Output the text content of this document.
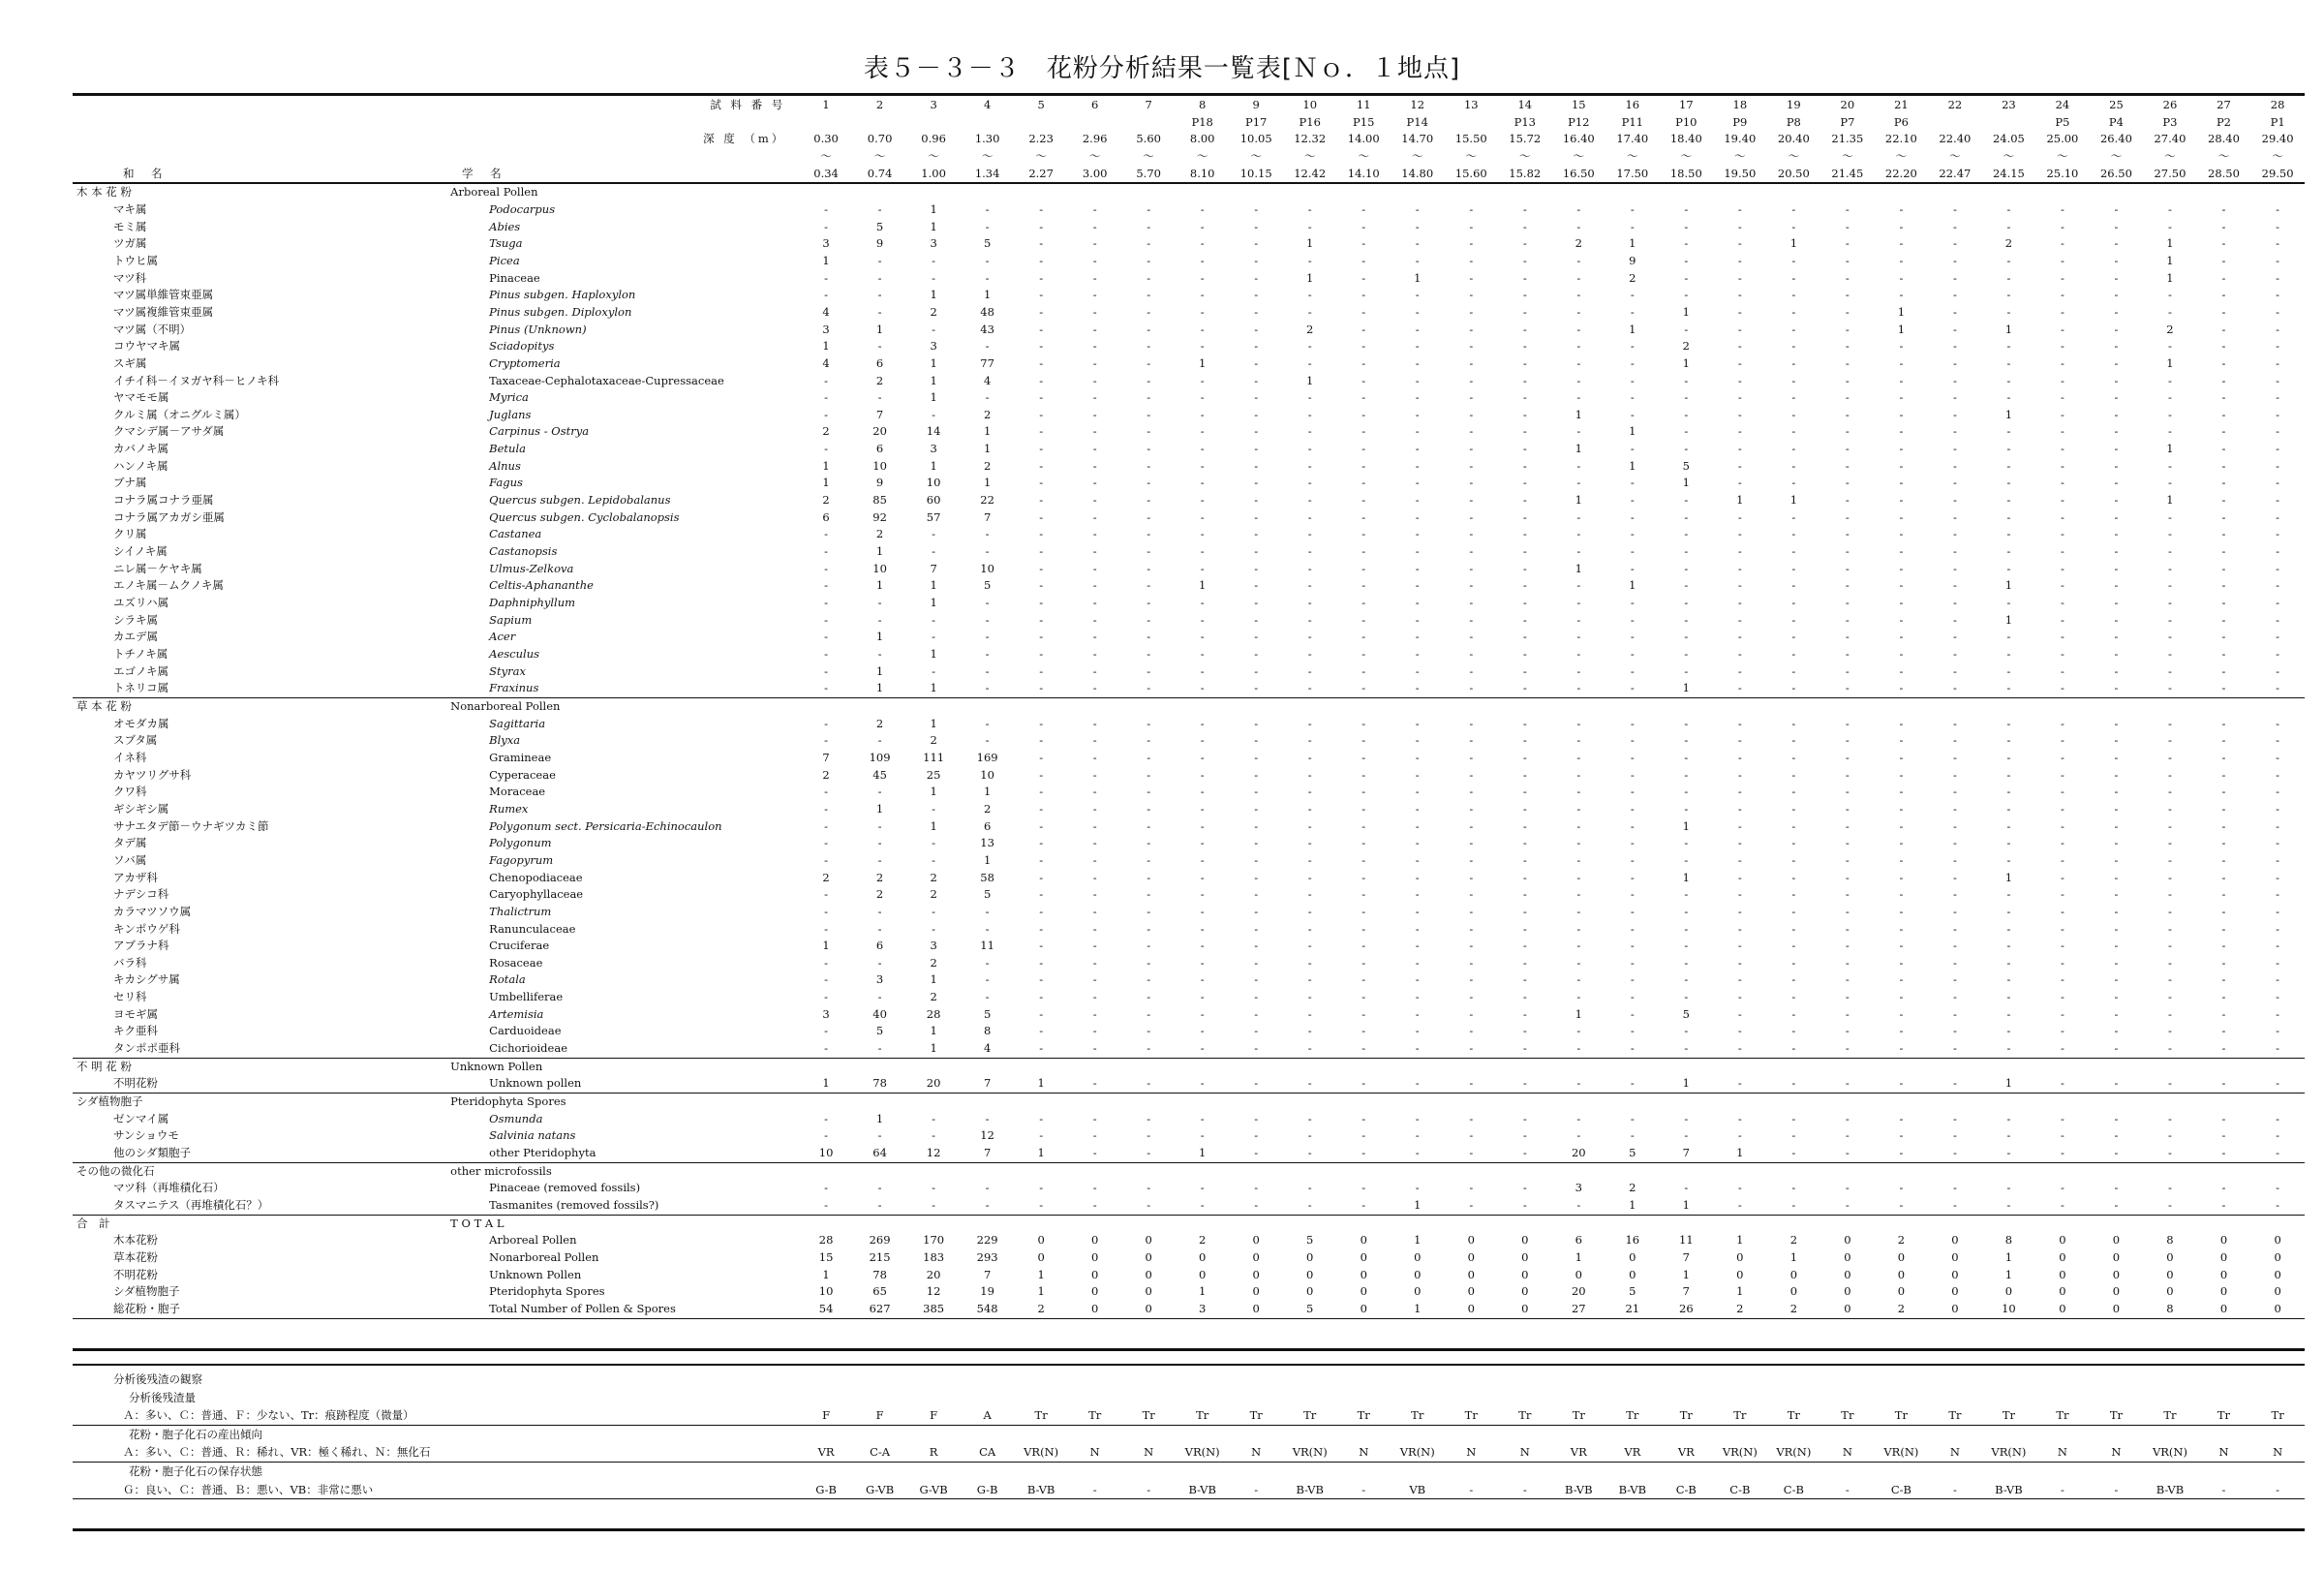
表５－３－３　花粉分析結果一覧表[Ｎｏ．１地点]
	試 料 番 号	1	2	3	4	5	6	7	8	9	10	11	12	13	14	15	16	17	18	19	20	21	22	23	24	25	26	27	28
									P18	P17	P16	P15	P14		P13	P12	P11	P10	P9	P8	P7	P6			P5	P4	P3	P2	P1
	深 度 （m）	0.30	0.70	0.96	1.30	2.23	2.96	5.60	8.00	10.05	12.32	14.00	14.70	15.50	15.72	16.40	17.40	18.40	19.40	20.40	21.35	22.10	22.40	24.05	25.00	26.40	27.40	28.40	29.40
		～	～	～	～	～	～	～	～	～	～	～	～	～	～	～	～	～	～	～	～	～	～	～	～	～	～	～	～
和　名	学　名	0.34	0.74	1.00	1.34	2.27	3.00	5.70	8.10	10.15	12.42	14.10	14.80	15.60	15.82	16.50	17.50	18.50	19.50	20.50	21.45	22.20	22.47	24.15	25.10	26.50	27.50	28.50	29.50
木 本 花 粉	Arboreal Pollen																												
マキ属	Podocarpus	-	-	1	-	-	-	-	-	-	-	-	-	-	-	-	-	-	-	-	-	-	-	-	-	-	-	-	-
モミ属	Abies	-	5	1	-	-	-	-	-	-	-	-	-	-	-	-	-	-	-	-	-	-	-	-	-	-	-	-	-
ツガ属	Tsuga	3	9	3	5	-	-	-	-	-	1	-	-	-	-	2	1	-	-	1	-	-	-	2	-	-	1	-	-
トウヒ属	Picea	1	-	-	-	-	-	-	-	-	-	-	-	-	-	-	9	-	-	-	-	-	-	-	-	-	1	-	-
マツ科	Pinaceae	-	-	-	-	-	-	-	-	-	1	-	1	-	-	-	2	-	-	-	-	-	-	-	-	-	1	-	-
マツ属単維管束亜属	Pinus subgen. Haploxylon	-	-	1	1	-	-	-	-	-	-	-	-	-	-	-	-	-	-	-	-	-	-	-	-	-	-	-	-
マツ属複維管束亜属	Pinus subgen. Diploxylon	4	-	2	48	-	-	-	-	-	-	-	-	-	-	-	-	1	-	-	-	1	-	-	-	-	-	-	-
マツ属（不明）	Pinus (Unknown)	3	1	-	43	-	-	-	-	-	2	-	-	-	-	-	1	-	-	-	-	1	-	1	-	-	2	-	-
コウヤマキ属	Sciadopitys	1	-	3	-	-	-	-	-	-	-	-	-	-	-	-	-	2	-	-	-	-	-	-	-	-	-	-	-
スギ属	Cryptomeria	4	6	1	77	-	-	-	1	-	-	-	-	-	-	-	-	1	-	-	-	-	-	-	-	-	1	-	-
イチイ科－イヌガヤ科－ヒノキ科	Taxaceae-Cephalotaxaceae-Cupressaceae	-	2	1	4	-	-	-	-	-	1	-	-	-	-	-	-	-	-	-	-	-	-	-	-	-	-	-	-
ヤマモモ属	Myrica	-	-	1	-	-	-	-	-	-	-	-	-	-	-	-	-	-	-	-	-	-	-	-	-	-	-	-	-
クルミ属（オニグルミ属）	Juglans	-	7	-	2	-	-	-	-	-	-	-	-	-	-	1	-	-	-	-	-	-	-	1	-	-	-	-	-
クマシデ属－アサダ属	Carpinus - Ostrya	2	20	14	1	-	-	-	-	-	-	-	-	-	-	-	1	-	-	-	-	-	-	-	-	-	-	-	-
カバノキ属	Betula	-	6	3	1	-	-	-	-	-	-	-	-	-	-	1	-	-	-	-	-	-	-	-	-	-	1	-	-
ハンノキ属	Alnus	1	10	1	2	-	-	-	-	-	-	-	-	-	-	-	1	5	-	-	-	-	-	-	-	-	-	-	-
ブナ属	Fagus	1	9	10	1	-	-	-	-	-	-	-	-	-	-	-	-	1	-	-	-	-	-	-	-	-	-	-	-
コナラ属コナラ亜属	Quercus subgen. Lepidobalanus	2	85	60	22	-	-	-	-	-	-	-	-	-	-	1	-	-	1	1	-	-	-	-	-	-	1	-	-
コナラ属アカガシ亜属	Quercus subgen. Cyclobalanopsis	6	92	57	7	-	-	-	-	-	-	-	-	-	-	-	-	-	-	-	-	-	-	-	-	-	-	-	-
クリ属	Castanea	-	2	-	-	-	-	-	-	-	-	-	-	-	-	-	-	-	-	-	-	-	-	-	-	-	-	-	-
シイノキ属	Castanopsis	-	1	-	-	-	-	-	-	-	-	-	-	-	-	-	-	-	-	-	-	-	-	-	-	-	-	-	-
ニレ属－ケヤキ属	Ulmus-Zelkova	-	10	7	10	-	-	-	-	-	-	-	-	-	-	1	-	-	-	-	-	-	-	-	-	-	-	-	-
エノキ属－ムクノキ属	Celtis-Aphananthe	-	1	1	5	-	-	-	1	-	-	-	-	-	-	-	1	-	-	-	-	-	-	1	-	-	-	-	-
ユズリハ属	Daphniphyllum	-	-	1	-	-	-	-	-	-	-	-	-	-	-	-	-	-	-	-	-	-	-	-	-	-	-	-	-
シラキ属	Sapium	-	-	-	-	-	-	-	-	-	-	-	-	-	-	-	-	-	-	-	-	-	-	1	-	-	-	-	-
カエデ属	Acer	-	1	-	-	-	-	-	-	-	-	-	-	-	-	-	-	-	-	-	-	-	-	-	-	-	-	-	-
トチノキ属	Aesculus	-	-	1	-	-	-	-	-	-	-	-	-	-	-	-	-	-	-	-	-	-	-	-	-	-	-	-	-
エゴノキ属	Styrax	-	1	-	-	-	-	-	-	-	-	-	-	-	-	-	-	-	-	-	-	-	-	-	-	-	-	-	-
トネリコ属	Fraxinus	-	1	1	-	-	-	-	-	-	-	-	-	-	-	-	-	1	-	-	-	-	-	-	-	-	-	-	-
草 本 花 粉	Nonarboreal Pollen																												
オモダカ属	Sagittaria	-	2	1	-	-	-	-	-	-	-	-	-	-	-	-	-	-	-	-	-	-	-	-	-	-	-	-	-
スブタ属	Blyxa	-	-	2	-	-	-	-	-	-	-	-	-	-	-	-	-	-	-	-	-	-	-	-	-	-	-	-	-
イネ科	Gramineae	7	109	111	169	-	-	-	-	-	-	-	-	-	-	-	-	-	-	-	-	-	-	-	-	-	-	-	-
カヤツリグサ科	Cyperaceae	2	45	25	10	-	-	-	-	-	-	-	-	-	-	-	-	-	-	-	-	-	-	-	-	-	-	-	-
クワ科	Moraceae	-	-	1	1	-	-	-	-	-	-	-	-	-	-	-	-	-	-	-	-	-	-	-	-	-	-	-	-
ギシギシ属	Rumex	-	1	-	2	-	-	-	-	-	-	-	-	-	-	-	-	-	-	-	-	-	-	-	-	-	-	-	-
サナエタデ節－ウナギツカミ節	Polygonum sect. Persicaria-Echinocaulon	-	-	1	6	-	-	-	-	-	-	-	-	-	-	-	-	1	-	-	-	-	-	-	-	-	-	-	-
タデ属	Polygonum	-	-	-	13	-	-	-	-	-	-	-	-	-	-	-	-	-	-	-	-	-	-	-	-	-	-	-	-
ソバ属	Fagopyrum	-	-	-	1	-	-	-	-	-	-	-	-	-	-	-	-	-	-	-	-	-	-	-	-	-	-	-	-
アカザ科	Chenopodiaceae	2	2	2	58	-	-	-	-	-	-	-	-	-	-	-	-	1	-	-	-	-	-	1	-	-	-	-	-
ナデシコ科	Caryophyllaceae	-	2	2	5	-	-	-	-	-	-	-	-	-	-	-	-	-	-	-	-	-	-	-	-	-	-	-	-
カラマツソウ属	Thalictrum	-	-	-	-	-	-	-	-	-	-	-	-	-	-	-	-	-	-	-	-	-	-	-	-	-	-	-	-
キンポウゲ科	Ranunculaceae	-	-	-	-	-	-	-	-	-	-	-	-	-	-	-	-	-	-	-	-	-	-	-	-	-	-	-	-
アブラナ科	Cruciferae	1	6	3	11	-	-	-	-	-	-	-	-	-	-	-	-	-	-	-	-	-	-	-	-	-	-	-	-
バラ科	Rosaceae	-	-	2	-	-	-	-	-	-	-	-	-	-	-	-	-	-	-	-	-	-	-	-	-	-	-	-	-
キカシグサ属	Rotala	-	3	1	-	-	-	-	-	-	-	-	-	-	-	-	-	-	-	-	-	-	-	-	-	-	-	-	-
セリ科	Umbelliferae	-	-	2	-	-	-	-	-	-	-	-	-	-	-	-	-	-	-	-	-	-	-	-	-	-	-	-	-
ヨモギ属	Artemisia	3	40	28	5	-	-	-	-	-	-	-	-	-	-	1	-	5	-	-	-	-	-	-	-	-	-	-	-
キク亜科	Carduoideae	-	5	1	8	-	-	-	-	-	-	-	-	-	-	-	-	-	-	-	-	-	-	-	-	-	-	-	-
タンポポ亜科	Cichorioideae	-	-	1	4	-	-	-	-	-	-	-	-	-	-	-	-	-	-	-	-	-	-	-	-	-	-	-	-
不 明 花 粉	Unknown Pollen																												
不明花粉	Unknown pollen	1	78	20	7	1	-	-	-	-	-	-	-	-	-	-	-	1	-	-	-	-	-	1	-	-	-	-	-
シダ植物胞子	Pteridophyta Spores																												
ゼンマイ属	Osmunda	-	1	-	-	-	-	-	-	-	-	-	-	-	-	-	-	-	-	-	-	-	-	-	-	-	-	-	-
サンショウモ	Salvinia natans	-	-	-	12	-	-	-	-	-	-	-	-	-	-	-	-	-	-	-	-	-	-	-	-	-	-	-	-
他のシダ類胞子	other Pteridophyta	10	64	12	7	1	-	-	1	-	-	-	-	-	-	20	5	7	1	-	-	-	-	-	-	-	-	-	-
その他の微化石	other microfossils																												
マツ科（再堆積化石）	Pinaceae (removed fossils)	-	-	-	-	-	-	-	-	-	-	-	-	-	-	3	2	-	-	-	-	-	-	-	-	-	-	-	-
タスマニテス（再堆積化石？）	Tasmanites (removed fossils?)	-	-	-	-	-	-	-	-	-	-	-	1	-	-	-	1	1	-	-	-	-	-	-	-	-	-	-	-
合　計	T O T A L																												
木本花粉	Arboreal Pollen	28	269	170	229	0	0	0	2	0	5	0	1	0	0	6	16	11	1	2	0	2	0	8	0	0	8	0	0
草本花粉	Nonarboreal Pollen	15	215	183	293	0	0	0	0	0	0	0	0	0	0	1	0	7	0	1	0	0	0	1	0	0	0	0	0
不明花粉	Unknown Pollen	1	78	20	7	1	0	0	0	0	0	0	0	0	0	0	0	1	0	0	0	0	0	1	0	0	0	0	0
シダ植物胞子	Pteridophyta Spores	10	65	12	19	1	0	0	1	0	0	0	0	0	0	20	5	7	1	0	0	0	0	0	0	0	0	0	0
総花粉・胞子	Total Number of Pollen & Spores	54	627	385	548	2	0	0	3	0	5	0	1	0	0	27	21	26	2	2	0	2	0	10	0	0	8	0	0
分析後残渣の観察																												
分析後残渣量																												
Ａ：多い、Ｃ：普通、Ｆ：少ない、Tr：痕跡程度（微量）	F	F	F	A	Tr	Tr	Tr	Tr	Tr	Tr	Tr	Tr	Tr	Tr	Tr	Tr	Tr	Tr	Tr	Tr	Tr	Tr	Tr	Tr	Tr	Tr	Tr	Tr
花粉・胞子化石の産出傾向																												
Ａ：多い、Ｃ：普通、Ｒ：稀れ、VR：極く稀れ、Ｎ：無化石	VR	C-A	R	CA	VR(N)	N	N	VR(N)	N	VR(N)	N	VR(N)	N	N	VR	VR	VR	VR(N)	VR(N)	N	VR(N)	N	VR(N)	N	N	VR(N)	N	N
花粉・胞子化石の保存状態																												
Ｇ：良い、Ｃ：普通、Ｂ：悪い、VB：非常に悪い	G-B	G-VB	G-VB	G-B	B-VB	-	-	B-VB	-	B-VB	-	VB	-	-	B-VB	B-VB	C-B	C-B	C-B	-	C-B	-	B-VB	-	-	B-VB	-	-
